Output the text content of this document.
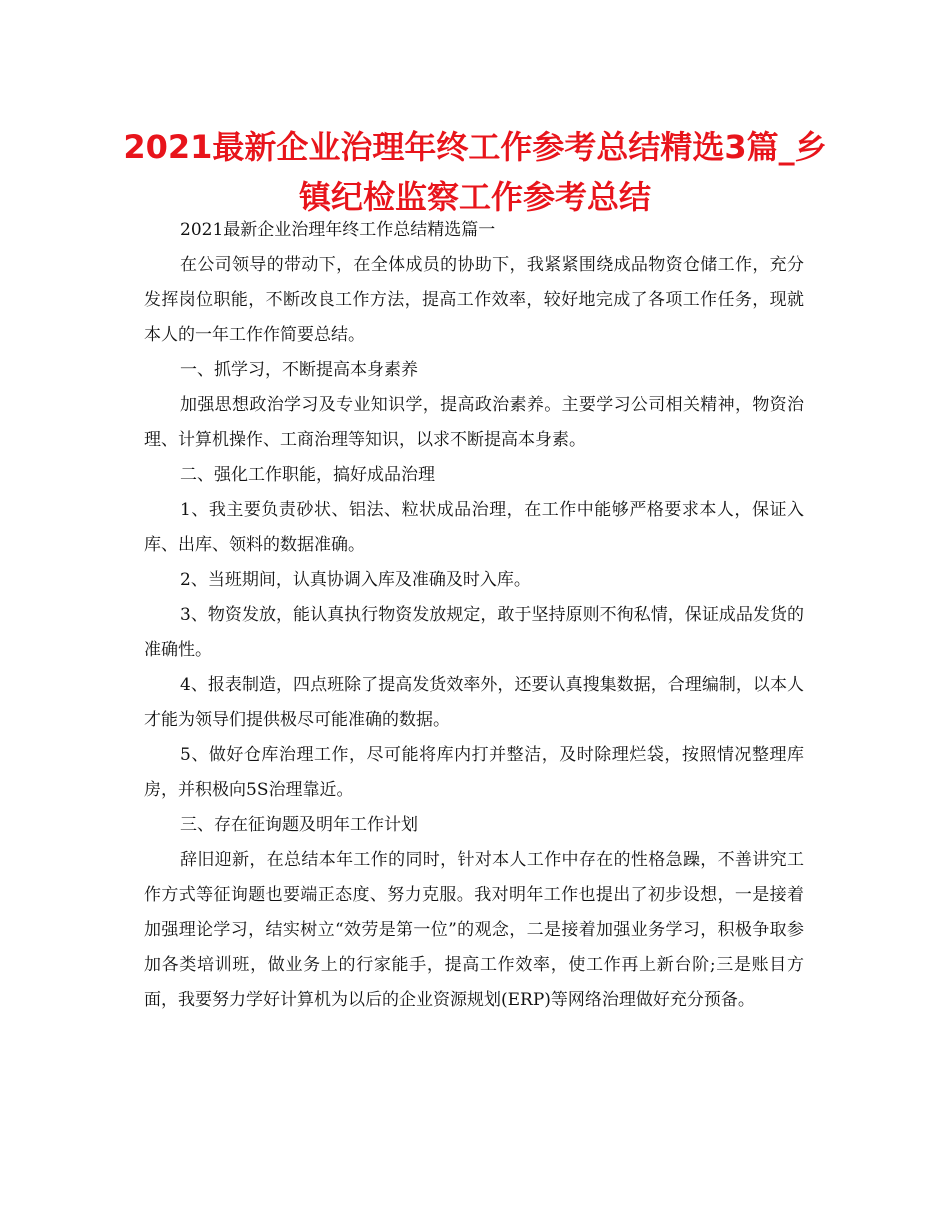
2021最新企业治理年终工作参考总结精选3篇_乡镇纪检监察工作参考总结

2021最新企业治理年终工作总结精选篇一

在公司领导的带动下，在全体成员的协助下，我紧紧围绕成品物资仓储工作，充分发挥岗位职能，不断改良工作方法，提高工作效率，较好地完成了各项工作任务，现就本人的一年工作作简要总结。

一、抓学习，不断提高本身素养

加强思想政治学习及专业知识学，提高政治素养。主要学习公司相关精神，物资治理、计算机操作、工商治理等知识，以求不断提高本身素。

二、强化工作职能，搞好成品治理

1、我主要负责砂状、铝法、粒状成品治理，在工作中能够严格要求本人，保证入库、出库、领料的数据准确。

2、当班期间，认真协调入库及准确及时入库。

3、物资发放，能认真执行物资发放规定，敢于坚持原则不徇私情，保证成品发货的准确性。

4、报表制造，四点班除了提高发货效率外，还要认真搜集数据，合理编制，以本人才能为领导们提供极尽可能准确的数据。

5、做好仓库治理工作，尽可能将库内打并整洁，及时除理烂袋，按照情况整理库房，并积极向5S治理靠近。

三、存在征询题及明年工作计划

辞旧迎新，在总结本年工作的同时，针对本人工作中存在的性格急躁，不善讲究工作方式等征询题也要端正态度、努力克服。我对明年工作也提出了初步设想，一是接着加强理论学习，结实树立“效劳是第一位”的观念，二是接着加强业务学习，积极争取参加各类培训班，做业务上的行家能手，提高工作效率，使工作再上新台阶;三是账目方面，我要努力学好计算机为以后的企业资源规划(ERP)等网络治理做好充分预备。
